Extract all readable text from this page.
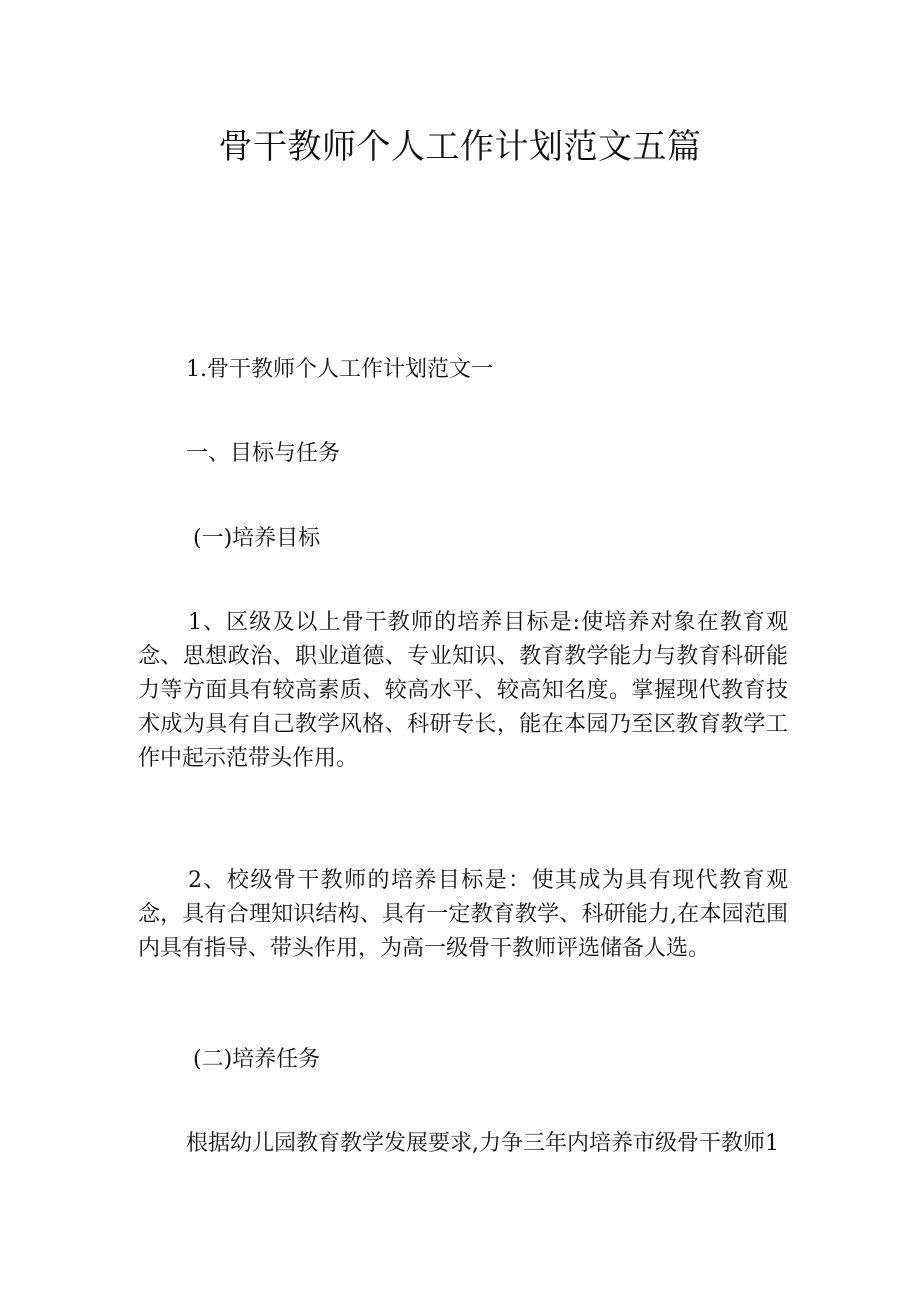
骨干教师个人工作计划范文五篇
1.骨干教师个人工作计划范文一
一、目标与任务
(一)培养目标
1、区级及以上骨干教师的培养目标是:使培养对象在教育观念、思想政治、职业道德、专业知识、教育教学能力与教育科研能力等方面具有较高素质、较高水平、较高知名度。掌握现代教育技术成为具有自己教学风格、科研专长，能在本园乃至区教育教学工作中起示范带头作用。
2、校级骨干教师的培养目标是：使其成为具有现代教育观念，具有合理知识结构、具有一定教育教学、科研能力,在本园范围内具有指导、带头作用，为高一级骨干教师评选储备人选。
(二)培养任务
根据幼儿园教育教学发展要求,力争三年内培养市级骨干教师1
